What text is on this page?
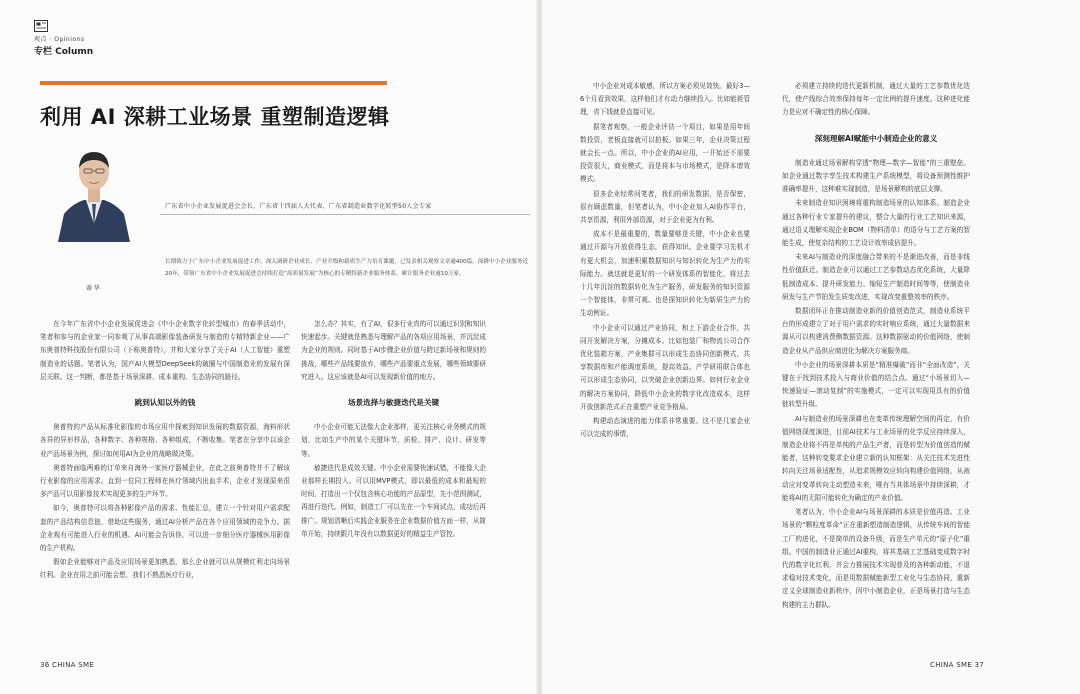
观点 · Opinions
专栏 Column
利用 AI 深耕工业场景 重塑制造逻辑
谢 华
广东省中小企业发展促进会会长、广东省十四届人大代表、广东省制造业数字化转型50人会专家
长期致力于广东中小企业发展促进工作，深入调研企业成长、产业升级和新质生产力培育课题，已发表相关观察文章逾400篇。深耕中小企业服务近20年，带领广东省中小企业发展促进会持续打造“高质量发展”为核心的专精特新企业服务体系，累计服务企业逾10万家。

在今年广东省中小企业发展促进会《中小企业数字化转型城市》的春季活动中，笔者和参与的企业家一同参观了从事高端影像装备研发与制造的专精特新企业——广东奥普特科技股份有限公司（下称奥普特），并和大家分享了关于AI（人工智能）重塑制造业的话题。笔者认为，国产AI大模型DeepSeek的破圈与中国制造业的发展有深层关联。这一判断，都是基于场景深耕、成本重构、生态协同的路径。

跳到认知以外的钱

奥普特的产品从标准化影像的市场应用中探索到知识发展的数据资源，海料形状各异的异形样品，各种数字、各种规格、各种组成，不断收集。笔者在分享中以该企业产品场景为例，探讨如何用AI为企业的战略做决策。

奥普特面临两难的订单来自海外一家医疗器械企业，在此之前奥普特并不了解该行业影像的应用需求。直到一位同工程师在医疗领域内出血手术，企业才发现原来很多产品可以用影像技术实现更多的生产环节。

如今，奥普特可以将各种影像产品的需求、性能汇总，建立一个针对用户需求配套的产品结构信息链，借助这些服务，通过AI分析产品在各个应用领域的竞争力。据企业观有可能进入行业的机遇。AI可能会告诉你，可以进一步细分医疗器械医用影像的生产机构。

假如企业能够对产品及应用场景更加熟悉，那么企业就可以从规模红利走向场景红利。企业在用之前可能会想，我们不熟悉医疗行业，

怎么办？其实，有了AI，很多行业真的可以通过识别和知识快速起步。关键就是熟悉与理解产品的各项应用场景，并沉淀成为企业的规则。同时基于AI步骤企业价值与跨过新场景和规则的挑战，哪些产品线要放弃，哪些产品要重点发展，哪些领域要研究进入。这应该就是AI可以发现新价值的地方。

场景选择与敏捷迭代是关键

中小企业可能无法像大企业那样，更关注核心业务模式的规划，比如生产中的某个关键环节，质检、排产、设计、研发等等。

敏捷迭代是成效关键。中小企业需要快速试错，不能像大企业那样长期投入。可以用MVP模式，即以最低的成本和最短的时间，打造出一个仅包含核心功能的产品原型，先小范围测试，再进行迭代。例如，制造工厂可以先在一个车间试点，成功后再推广。规划清晰后实践企业服务在企业数据价值方面一样，从简单开始，持续跟几年没有以数据更好的精益生产管控。

36 CHINA SME

中小企业对成本敏感，所以方案必须见效快。最好3—6个月看到效果，这样他们才有动力继续投入。比如能耗管理，省下钱就是直接可见。

据笔者观察，一般企业评估一个项目，如果是用年间数投资，老板直接就可以拍板。如果三年，企业决策过程就会长一点。所以，中小企业的AI应用，一开始还不需要投资很大，商业模式，而是将本与市场模式，是降本增效模式。

很多企业经常问笔者，我们的研发数据，是否保密，很有顾虑数量，但笔者认为，中小企业加入AI协作平台，共享资源，利用外部资源，对于企业更为有利。

成本不是最重要的，数量要够是关键，中小企业也要通过开源与开放获得生态，获得知识。企业要学习先机才有更大机会，加速积累数据知识与知识转化为生产力的实际能力。就这就是更好的一个研发体系的智能化，将过去十几年沉淀的数据转化为生产服务，研发服务的知识资源一个智能体，非常可观。也是探知识转化为新质生产力的生动例证。

中小企业可以通过产业协同，和上下游企业合作，共同开发解决方案，分摊成本。比如包装厂和物流公司合作优化装箱方案，产业集群可以形成生态协同创新模式，共享数据库和产能调度系统，提高效益。产学研用联合体也可以形成生态协同，以突破企业创新边界。如何行业企业的解决方案协同，降低中小企业的数字化改造成本，这样开放创新范式正在重塑产业竞争格局。

构建动态演进的能力体系非常重要。这不是几家企业可以完成的事情，

必须建立持续的迭代更新机制，通过大量的工艺参数优化迭代，使产线综合效率保持每年一定比例的提升速度。这种进化能力是应对不确定性的核心保障。

深刻理解AI赋能中小制造企业的意义

制造业通过场景解构穿透“物理—数字—智能”的三重壁垒。如企业通过数字孪生技术构建生产系统模型，将设备预测性维护准确率提升，这种难实现制造，是场景解构的底层支撑。

未来制造业知识困境将重构制造场景的认知体系。制造企业通过各种行业专家提升的建议，整合大量的行业工艺知识来源，通过语义理解实现企业BOM（物料清单）的语分与工艺方案的智能生成，使复杂结构的工艺设计效率成倍提升。

未来AI与制造业的深度融合带来的不是渐进改善，而是非线性价值跃迁。制造企业可以通过工艺参数动态优化系统，大量降低制造成本、提升研发能力、缩短生产制造时间等等，使制造业研发与生产节拍发生质变改进，实现改变重整效率的秩序。

数据闭环正在推动制造业新的价值创造范式，制造业系统平台的形成建立了对于用户需求的实时响应系统，通过大量数据来源从可以构建消费侧数据资源。这种数据驱动的价值网络，使制造企业从产品供应商进化为解决方案服务商。

中小企业的场景深耕本质是“精准爆破”而非“全面改造”，关键在于找到技术投入与商业价值的结合点。通过“小场景切入—快速验证—滚动复制”的实施模式，一定可以实现用具有的价值链转型升级。

AI与制造业的场景深耕也在变革传统理解空间的再定，有价值网络深度演进，目前AI技术与工业场景的化学反应持续深入，制造企业将不再是单纯的产品生产者，而是转型为价值创造的赋能者，这种转变要求企业建立新的认知框架：从关注技术先进性转向关注场景适配性，从追求规模效应转向构建价值网络，从被动应对变革转向主动塑造未来，唯有当其体场景中持续深耕，才能将AI的无限可能转化为确定的产业价值。

笔者认为，中小企业AI与场景深耕的本质是价值再造。工业场景的“颗粒度革命”正在重新塑造制造逻辑，从传统车间的智能工厂的进化，不是简单的设备升级，而是生产单元的“原子化”重组。中国的制造业正通过AI重构，将其基础工艺基础变成数字时代的数字化红利，并会力推展技术实现普及的各种新动能，不退求稳对技术变化，而是用数据赋能新型工业化与生态协同，重新定义全球制造业新秩序，因中小制造企业，正是场景打造与生态构建的主力群队。

CHINA SME 37
